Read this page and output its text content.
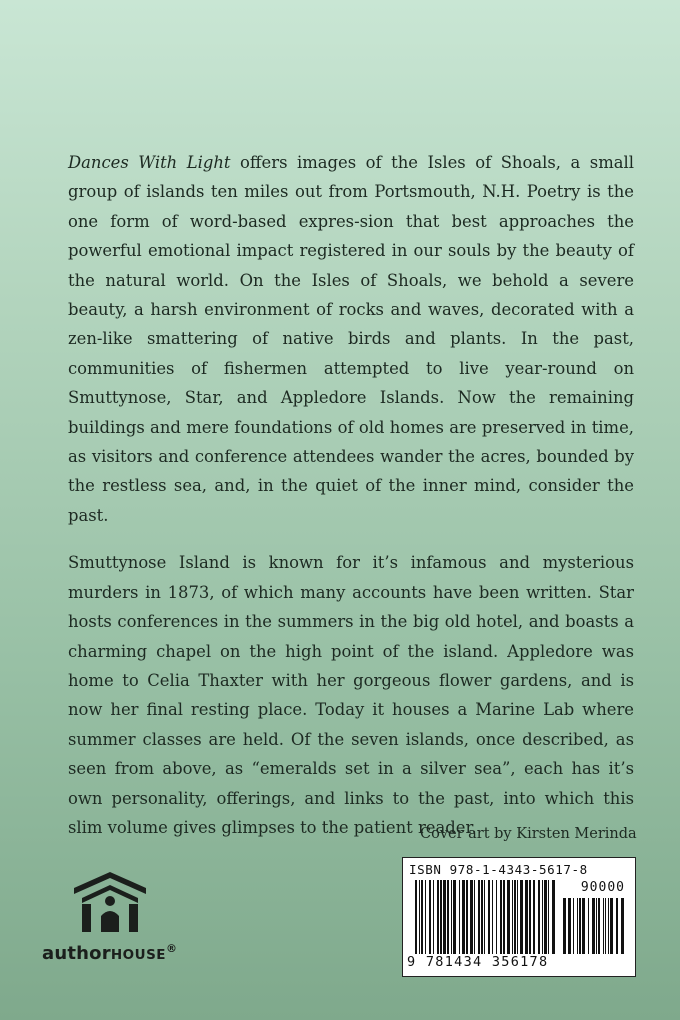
Dances With Light offers images of the Isles of Shoals, a small group of islands ten miles out from Portsmouth, N.H. Poetry is the one form of word-based expres-sion that best approaches the powerful emotional impact registered in our souls by the beauty of the natural world. On the Isles of Shoals, we behold a severe beauty, a harsh environment of rocks and waves, decorated with a zen-like smattering of native birds and plants. In the past, communities of fishermen attempted to live year-round on Smuttynose, Star, and Appledore Islands. Now the remaining buildings and mere foundations of old homes are preserved in time, as visitors and conference attendees wander the acres, bounded by the restless sea, and, in the quiet of the inner mind, consider the past.

Smuttynose Island is known for it’s infamous and mysterious murders in 1873, of which many accounts have been written. Star hosts conferences in the summers in the big old hotel, and boasts a charming chapel on the high point of the island. Appledore was home to Celia Thaxter with her gorgeous flower gardens, and is now her final resting place. Today it houses a Marine Lab where summer classes are held. Of the seven islands, once described, as seen from above, as “emeralds set in a silver sea”, each has it’s own personality, offerings, and links to the past, into which this slim volume gives glimpses to the patient reader.

Cover art by Kirsten Merinda
ISBN 978-1-4343-5617-8
90000
9 781434 356178
authorHOUSE®
